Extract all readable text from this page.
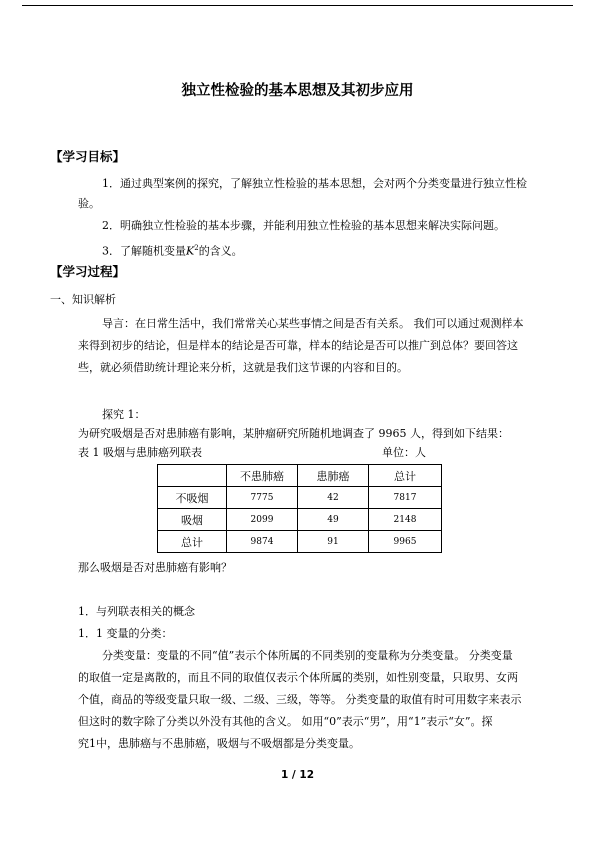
独立性检验的基本思想及其初步应用
【学习目标】
1．通过典型案例的探究，了解独立性检验的基本思想，会对两个分类变量进行独立性检
验。
2．明确独立性检验的基本步骤，并能利用独立性检验的基本思想来解决实际问题。
3．了解随机变量$K^2$的含义。
【学习过程】
一、知识解析
导言：在日常生活中，我们常常关心某些事情之间是否有关系。 我们可以通过观测样本
来得到初步的结论，但是样本的结论是否可靠，样本的结论是否可以推广到总体？要回答这
些，就必须借助统计理论来分析，这就是我们这节课的内容和目的。
探究 1：
为研究吸烟是否对患肺癌有影响，某肿瘤研究所随机地调查了 9965 人，得到如下结果：
表 1 吸烟与患肺癌列联表	单位：人
	不患肺癌	患肺癌	总计
不吸烟	7775	42	7817
吸烟	2099	49	2148
总计	9874	91	9965
那么吸烟是否对患肺癌有影响？
1．与列联表相关的概念
1．1 变量的分类：
分类变量：变量的不同“值”表示个体所属的不同类别的变量称为分类变量。 分类变量
的取值一定是离散的，而且不同的取值仅表示个体所属的类别，如性别变量，只取男、女两
个值，商品的等级变量只取一级、二级、三级，等等。 分类变量的取值有时可用数字来表示
但这时的数字除了分类以外没有其他的含义。 如用“0”表示“男”，用“1”表示“女”。探
究1中，患肺癌与不患肺癌，吸烟与不吸烟都是分类变量。
1 / 12
